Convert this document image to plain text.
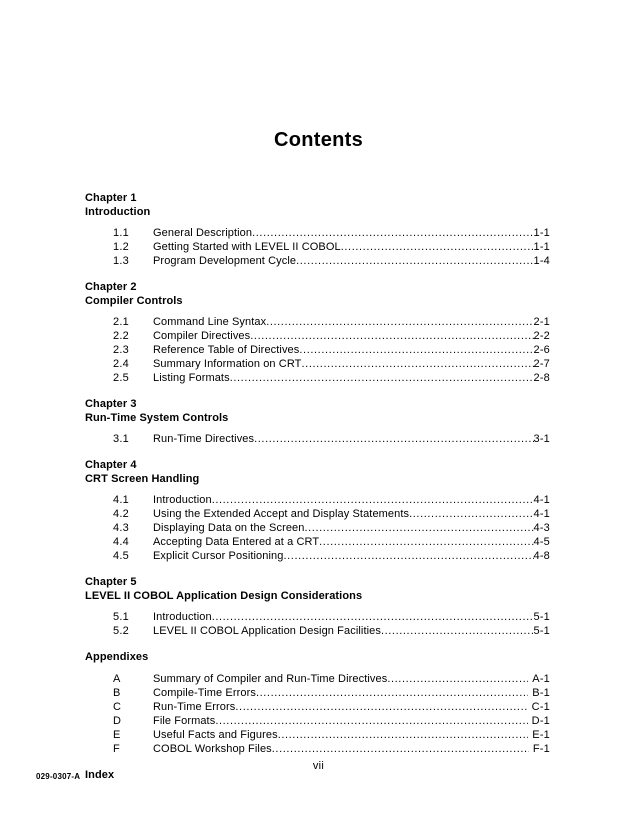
Contents
Chapter 1
Introduction
1.1	General Description .....	1-1
1.2	Getting Started with LEVEL II COBOL .....	1-1
1.3	Program Development Cycle .....	1-4
Chapter 2
Compiler Controls
2.1	Command Line Syntax .....	2-1
2.2	Compiler Directives .....	2-2
2.3	Reference Table of Directives .....	2-6
2.4	Summary Information on CRT .....	2-7
2.5	Listing Formats .....	2-8
Chapter 3
Run-Time System Controls
3.1	Run-Time Directives .....	3-1
Chapter 4
CRT Screen Handling
4.1	Introduction .....	4-1
4.2	Using the Extended Accept and Display Statements .....	4-1
4.3	Displaying Data on the Screen .....	4-3
4.4	Accepting Data Entered at a CRT .....	4-5
4.5	Explicit Cursor Positioning .....	4-8
Chapter 5
LEVEL II COBOL Application Design Considerations
5.1	Introduction .....	5-1
5.2	LEVEL II COBOL Application Design Facilities .....	5-1
Appendixes
A	Summary of Compiler and Run-Time Directives .....	A-1
B	Compile-Time Errors .....	B-1
C	Run-Time Errors .....	C-1
D	File Formats .....	D-1
E	Useful Facts and Figures .....	E-1
F	COBOL Workshop Files .....	F-1
Index
029-0307-A
vii
